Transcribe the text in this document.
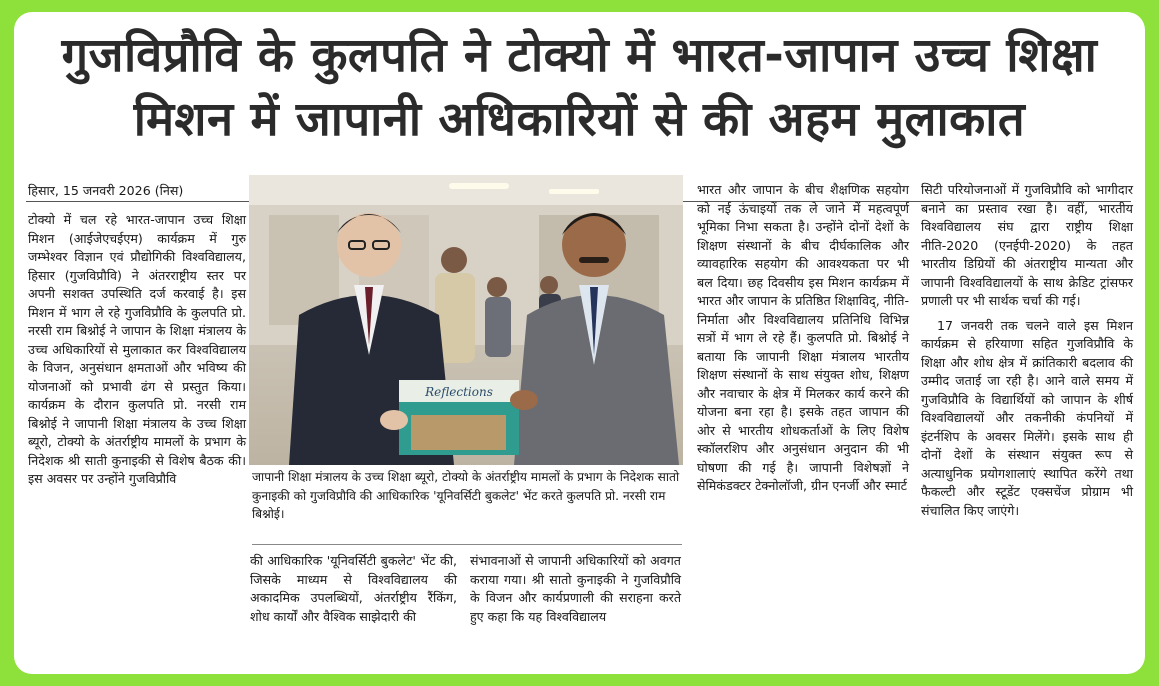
गुजविप्रौवि के कुलपति ने टोक्यो में भारत-जापान उच्च शिक्षा
मिशन में जापानी अधिकारियों से की अहम मुलाकात
हिसार, 15 जनवरी 2026 (निस)

टोक्यो में चल रहे भारत-जापान उच्च शिक्षा मिशन (आईजेएचईएम) कार्यक्रम में गुरु जम्भेश्वर विज्ञान एवं प्रौद्योगिकी विश्वविद्यालय, हिसार (गुजविप्रौवि) ने अंतरराष्ट्रीय स्तर पर अपनी सशक्त उपस्थिति दर्ज करवाई है। इस मिशन में भाग ले रहे गुजविप्रौवि के कुलपति प्रो. नरसी राम बिश्नोई ने जापान के शिक्षा मंत्रालय के उच्च अधिकारियों से मुलाकात कर विश्वविद्यालय के विजन, अनुसंधान क्षमताओं और भविष्य की योजनाओं को प्रभावी ढंग से प्रस्तुत किया। कार्यक्रम के दौरान कुलपति प्रो. नरसी राम बिश्नोई ने जापानी शिक्षा मंत्रालय के उच्च शिक्षा ब्यूरो, टोक्यो के अंतर्राष्ट्रीय मामलों के प्रभाग के निदेशक श्री साती कुनाइकी से विशेष बैठक की। इस अवसर पर उन्होंने गुजविप्रौवि

Reflections
जापानी शिक्षा मंत्रालय के उच्च शिक्षा ब्यूरो, टोक्यो के अंतर्राष्ट्रीय मामलों के प्रभाग के निदेशक सातो कुनाइकी को गुजविप्रौवि की आधिकारिक 'यूनिवर्सिटी बुकलेट' भेंट करते कुलपति प्रो. नरसी राम बिश्नोई।

की आधिकारिक 'यूनिवर्सिटी बुकलेट' भेंट की, जिसके माध्यम से विश्वविद्यालय की अकादमिक उपलब्धियों, अंतर्राष्ट्रीय रैंकिंग, शोध कार्यों और वैश्विक साझेदारी की

संभावनाओं से जापानी अधिकारियों को अवगत कराया गया। श्री सातो कुनाइकी ने गुजविप्रौवि के विजन और कार्यप्रणाली की सराहना करते हुए कहा कि यह विश्वविद्यालय

भारत और जापान के बीच शैक्षणिक सहयोग को नई ऊंचाइयों तक ले जाने में महत्वपूर्ण भूमिका निभा सकता है। उन्होंने दोनों देशों के शिक्षण संस्थानों के बीच दीर्घकालिक और व्यावहारिक सहयोग की आवश्यकता पर भी बल दिया। छह दिवसीय इस मिशन कार्यक्रम में भारत और जापान के प्रतिष्ठित शिक्षाविद्, नीति-निर्माता और विश्वविद्यालय प्रतिनिधि विभिन्न सत्रों में भाग ले रहे हैं। कुलपति प्रो. बिश्नोई ने बताया कि जापानी शिक्षा मंत्रालय भारतीय शिक्षण संस्थानों के साथ संयुक्त शोध, शिक्षण और नवाचार के क्षेत्र में मिलकर कार्य करने की योजना बना रहा है। इसके तहत जापान की ओर से भारतीय शोधकर्ताओं के लिए विशेष स्कॉलरशिप और अनुसंधान अनुदान की भी घोषणा की गई है। जापानी विशेषज्ञों ने सेमिकंडक्टर टेक्नोलॉजी, ग्रीन एनर्जी और स्मार्ट

सिटी परियोजनाओं में गुजविप्रौवि को भागीदार बनाने का प्रस्ताव रखा है। वहीं, भारतीय विश्वविद्यालय संघ द्वारा राष्ट्रीय शिक्षा नीति-2020 (एनईपी-2020) के तहत भारतीय डिग्रियों की अंतराष्ट्रीय मान्यता और जापानी विश्वविद्यालयों के साथ क्रेडिट ट्रांसफर प्रणाली पर भी सार्थक चर्चा की गई।

17 जनवरी तक चलने वाले इस मिशन कार्यक्रम से हरियाणा सहित गुजविप्रौवि के शिक्षा और शोध क्षेत्र में क्रांतिकारी बदलाव की उम्मीद जताई जा रही है। आने वाले समय में गुजविप्रौवि के विद्यार्थियों को जापान के शीर्ष विश्वविद्यालयों और तकनीकी कंपनियों में इंटर्नशिप के अवसर मिलेंगे। इसके साथ ही दोनों देशों के संस्थान संयुक्त रूप से अत्याधुनिक प्रयोगशालाएं स्थापित करेंगे तथा फैकल्टी और स्टूडेंट एक्सचेंज प्रोग्राम भी संचालित किए जाएंगे।
